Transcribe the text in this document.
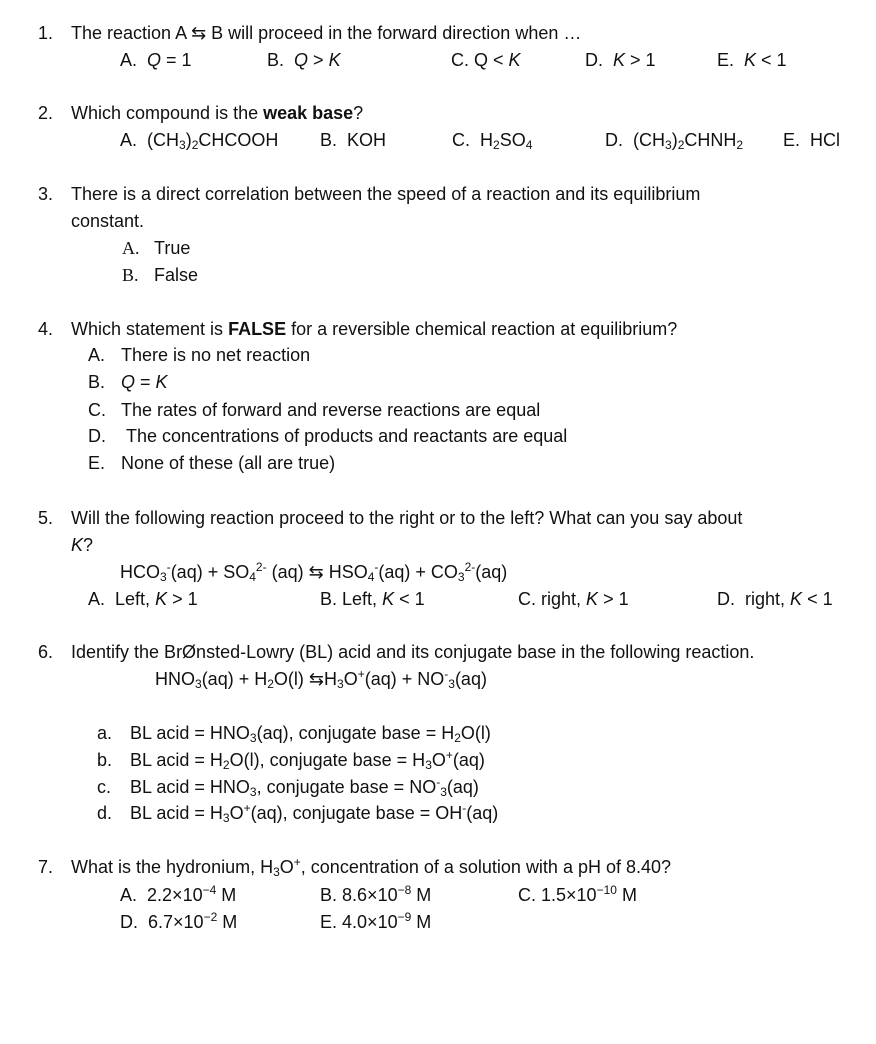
1. The reaction A ⇆ B will proceed in the forward direction when …
A. Q = 1	B. Q > K	C. Q < K	D. K > 1	E. K < 1
2. Which compound is the weak base?
A. $(CH_3)_2CHCOOH$ B. KOH	C. $H_2SO_4$	D. $(CH_3)_2CHNH_2$ E. HCl
3. There is a direct correlation between the speed of a reaction and its equilibrium
constant.
A. True
B. False
4. Which statement is FALSE for a reversible chemical reaction at equilibrium?
A. There is no net reaction
B. Q = K
C. The rates of forward and reverse reactions are equal
D. The concentrations of products and reactants are equal
E. None of these (all are true)
5. Will the following reaction proceed to the right or to the left? What can you say about
K?
$HCO_3^-(aq) + SO_4^{2-}$ (aq) ⇆ $HSO_4^-(aq) + CO_3^{2-}(aq)$
A. Left, K > 1	B. Left, K < 1	C. right, K > 1	D. right, K < 1
6. Identify the BrØnsted-Lowry (BL) acid and its conjugate base in the following reaction.
$HNO_3(aq) + H_2O(l)$ $⇆H_3O^+(aq) + NO^-_3(aq)$
a. BL acid = $HNO_3(aq)$, conjugate base = $H_2O(l)$
b. BL acid = $H_2O(l)$, conjugate base = $H_3O^+(aq)$
c. BL acid = $HNO_3$, conjugate base = $NO^-_3(aq)$
d. BL acid = $H_3O^+(aq)$, conjugate base = OH-(aq)
7. What is the hydronium, $H_3O^+$, concentration of a solution with a pH of 8.40?
A. $2.2\times 10^{-4}$ M	B. $8.6\times 10^{-8}$ M	C. $1.5\times 10^{-10}$ M
D. $6.7\times 10^{-2}$ M	E. $4.0\times 10^{-9}$ M
